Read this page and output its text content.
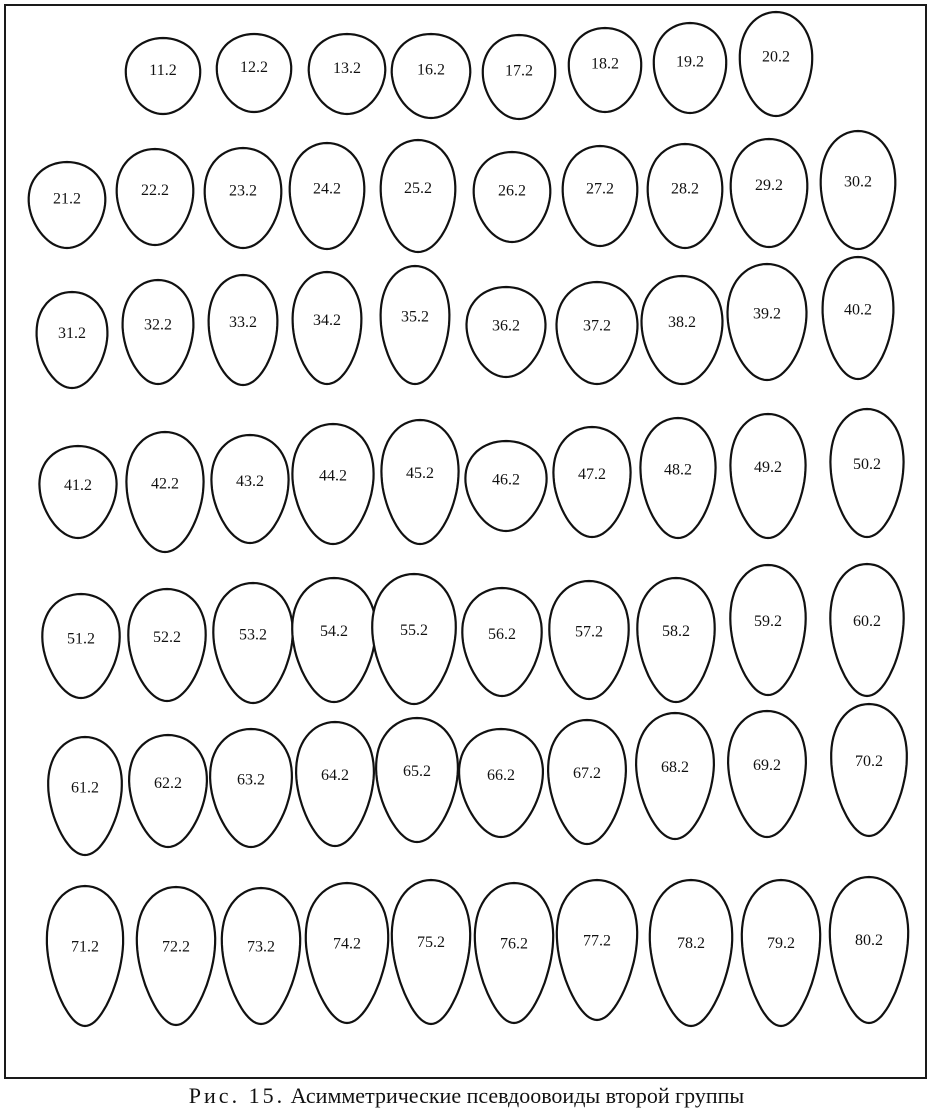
11.2	12.2	13.2	16.2	17.2	18.2	19.2	20.2
21.2
22.2	23.2	24.2	25.2	26.2	27.2	28.2	29.2	30.2
31.2	32.2	33.2	34.2	35.2
36.2	37.2	38.2	39.2	40.2
41.2	42.2	43.2	44.2	45.2	46.2	47.2	48.2	49.2	50.2
51.2	52.2	53.2	54.2	55.2	56.2	57.2	58.2
59.2	60.2
61.2	62.2	63.2	64.2	65.2	66.2	67.2	68.2	69.2	70.2
71.2	72.2	73.2	74.2	75.2	76.2	77.2	78.2	79.2	80.2
Рис. 15. Асимметрические псевдоовоиды второй группы
